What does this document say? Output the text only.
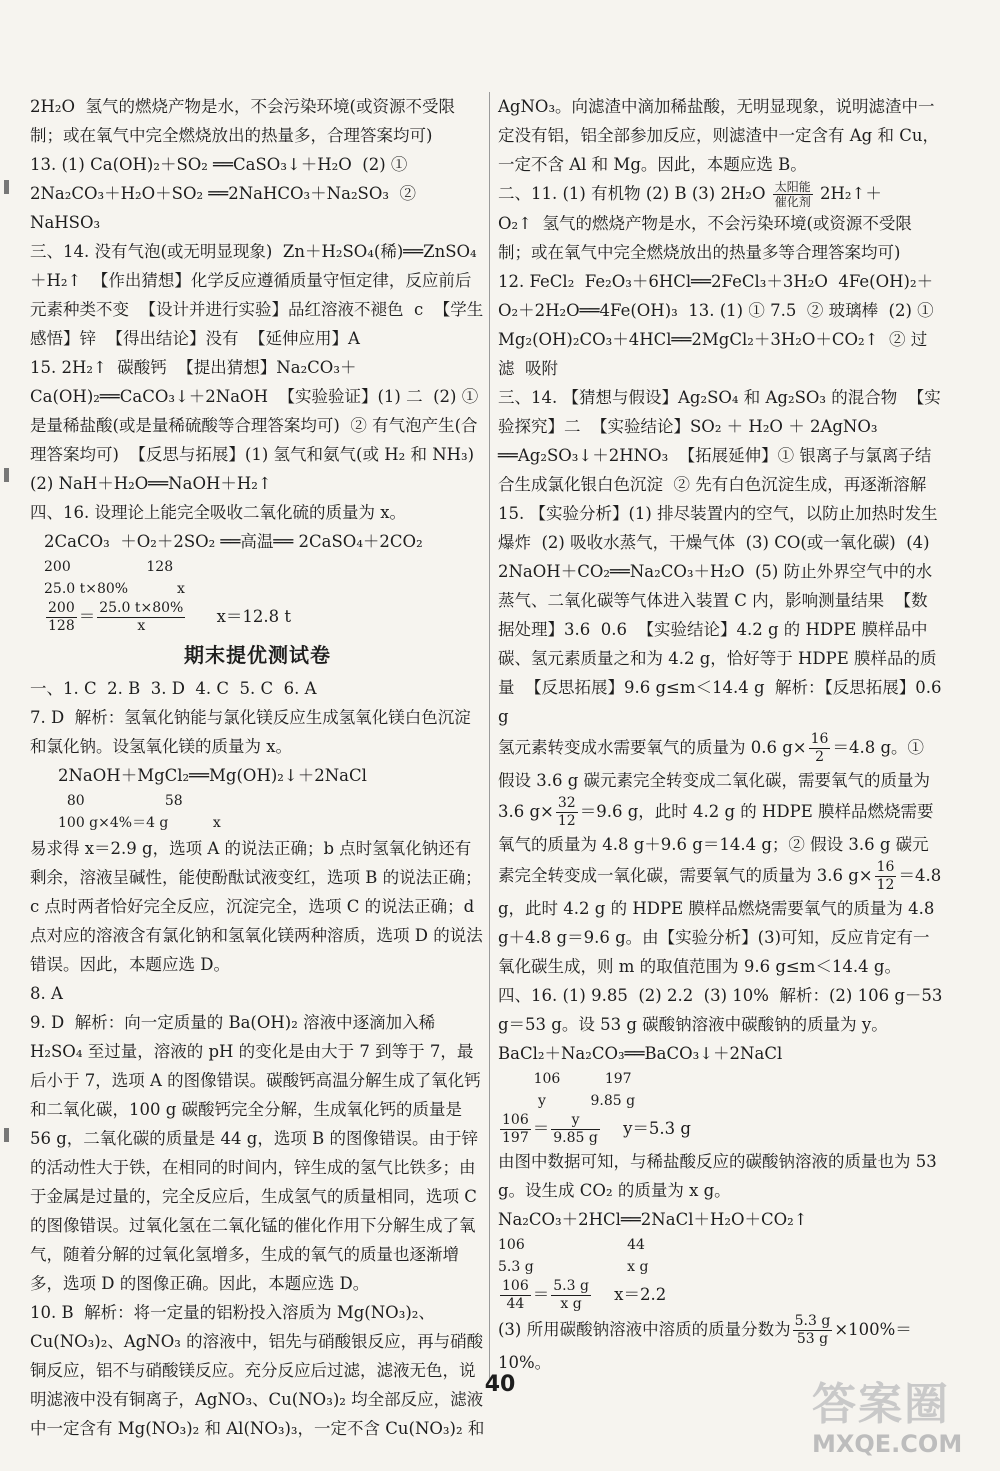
2H₂O  氢气的燃烧产物是水，不会污染环境(或资源不受限制；或在氧气中完全燃烧放出的热量多，合理答案均可)

13. (1) Ca(OH)₂＋SO₂ ══CaSO₃↓＋H₂O  (2) ① 2Na₂CO₃＋H₂O＋SO₂ ══2NaHCO₃＋Na₂SO₃  ② NaHSO₃

三、14. 没有气泡(或无明显现象)  Zn＋H₂SO₄(稀)══ZnSO₄＋H₂↑  【作出猜想】化学反应遵循质量守恒定律，反应前后元素种类不变  【设计并进行实验】品红溶液不褪色  c  【学生感悟】锌  【得出结论】没有  【延伸应用】A

15. 2H₂↑  碳酸钙  【提出猜想】Na₂CO₃＋Ca(OH)₂══CaCO₃↓＋2NaOH  【实验验证】(1) 二  (2) ① 是量稀盐酸(或是量稀硫酸等合理答案均可)  ② 有气泡产生(合理答案均可)  【反思与拓展】(1) 氢气和氨气(或 H₂ 和 NH₃)  (2) NaH＋H₂O══NaOH＋H₂↑

四、16. 设理论上能完全吸收二氧化硫的质量为 x。

2CaCO₃  ＋O₂＋2SO₂ ══高温══ 2CaSO₄＋2CO₂

200                 128

25.0 t×80%           x

$\frac{200}{128} = \frac{25.0 t\times 80\%}{x} x=12.8$ t
期末提优测试卷

一、1. C  2. B  3. D  4. C  5. C  6. A

7. D  解析：氢氧化钠能与氯化镁反应生成氢氧化镁白色沉淀和氯化钠。设氢氧化镁的质量为 x。

2NaOH＋MgCl₂══Mg(OH)₂↓＋2NaCl

80                  58

100 g×4%＝4 g          x

易求得 x＝2.9 g，选项 A 的说法正确；b 点时氢氧化钠还有剩余，溶液呈碱性，能使酚酞试液变红，选项 B 的说法正确；c 点时两者恰好完全反应，沉淀完全，选项 C 的说法正确；d 点对应的溶液含有氯化钠和氢氧化镁两种溶质，选项 D 的说法错误。因此，本题应选 D。

8. A

9. D  解析：向一定质量的 Ba(OH)₂ 溶液中逐滴加入稀 H₂SO₄ 至过量，溶液的 pH 的变化是由大于 7 到等于 7，最后小于 7，选项 A 的图像错误。碳酸钙高温分解生成了氧化钙和二氧化碳，100 g 碳酸钙完全分解，生成氧化钙的质量是 56 g，二氧化碳的质量是 44 g，选项 B 的图像错误。由于锌的活动性大于铁，在相同的时间内，锌生成的氢气比铁多；由于金属是过量的，完全反应后，生成氢气的质量相同，选项 C 的图像错误。过氧化氢在二氧化锰的催化作用下分解生成了氧气，随着分解的过氧化氢增多，生成的氧气的质量也逐渐增多，选项 D 的图像正确。因此，本题应选 D。

10. B  解析：将一定量的铝粉投入溶质为 Mg(NO₃)₂、Cu(NO₃)₂、AgNO₃ 的溶液中，铝先与硝酸银反应，再与硝酸铜反应，铝不与硝酸镁反应。充分反应后过滤，滤液无色，说明滤液中没有铜离子，AgNO₃、Cu(NO₃)₂ 均全部反应，滤液中一定含有 Mg(NO₃)₂ 和 Al(NO₃)₃，一定不含 Cu(NO₃)₂ 和

AgNO₃。向滤渣中滴加稀盐酸，无明显现象，说明滤渣中一定没有铝，铝全部参加反应，则滤渣中一定含有 Ag 和 Cu，一定不含 Al 和 Mg。因此，本题应选 B。

二、11. (1) 有机物 (2) B (3) $2H_2O \frac{\text{太阳能}}{\text{催化剂}}$ 2H₂↑＋

O₂↑  氢气的燃烧产物是水，不会污染环境(或资源不受限制；或在氧气中完全燃烧放出的热量多等合理答案均可)

12. FeCl₂  Fe₂O₃＋6HCl══2FeCl₃＋3H₂O  4Fe(OH)₂＋O₂＋2H₂O══4Fe(OH)₃  13. (1) ① 7.5  ② 玻璃棒  (2) ① Mg₂(OH)₂CO₃＋4HCl══2MgCl₂＋3H₂O＋CO₂↑  ② 过滤  吸附

三、14. 【猜想与假设】Ag₂SO₄ 和 Ag₂SO₃ 的混合物  【实验探究】二  【实验结论】SO₂ ＋ H₂O ＋ 2AgNO₃ ══Ag₂SO₃↓＋2HNO₃  【拓展延伸】① 银离子与氯离子结合生成氯化银白色沉淀  ② 先有白色沉淀生成，再逐渐溶解

15. 【实验分析】(1) 排尽装置内的空气，以防止加热时发生爆炸  (2) 吸收水蒸气，干燥气体  (3) CO(或一氧化碳)  (4) 2NaOH＋CO₂══Na₂CO₃＋H₂O  (5) 防止外界空气中的水蒸气、二氧化碳等气体进入装置 C 内，影响测量结果  【数据处理】3.6  0.6  【实验结论】4.2 g 的 HDPE 膜样品中碳、氢元素质量之和为 4.2 g，恰好等于 HDPE 膜样品的质量  【反思拓展】9.6 g≤m＜14.4 g  解析：【反思拓展】0.6 g

氢元素转变成水需要氧气的质量为 0.6 $g\times \frac{16}{2} =4.8$ g。① 假设 3.6 g 碳元素完全转变成二氧化碳，需要氧气的质量为 3.6 $g\times \frac{32}{12} =9.6$ g，此时 4.2 g 的 HDPE 膜样品燃烧需要氧气的质量为 4.8 g＋9.6 g＝14.4 g；② 假设 3.6 g 碳元素完全转变成一氧化碳，需要氧气的质量为 3.6 $g\times \frac{16}{12} =4.8$ g，此时 4.2 g 的 HDPE 膜样品燃烧需要氧气的质量为 4.8 g＋4.8 g＝9.6 g。由【实验分析】(3)可知，反应肯定有一氧化碳生成，则 m 的取值范围为 9.6 g≤m＜14.4 g。

四、16. (1) 9.85  (2) 2.2  (3) 10%  解析：(2) 106 g－53 g＝53 g。设 53 g 碳酸钠溶液中碳酸钠的质量为 y。

BaCl₂＋Na₂CO₃══BaCO₃↓＋2NaCl

106          197

y          9.85 g

$\frac{106}{197} = \frac{y}{9.85 g} y=5.3$ g

由图中数据可知，与稀盐酸反应的碳酸钠溶液的质量也为 53 g。设生成 CO₂ 的质量为 x g。

Na₂CO₃＋2HCl══2NaCl＋H₂O＋CO₂↑

106                       44

5.3 g                     x g

$\frac{106}{44} = \frac{5.3 g}{\text{x g}} x=2.2$
(3) 所用碳酸钠溶液中溶质的质量分数为 $\frac{5.3 g}{53 g} \times 100\%=10\%$。
40	答案圈
MXQE.COM
